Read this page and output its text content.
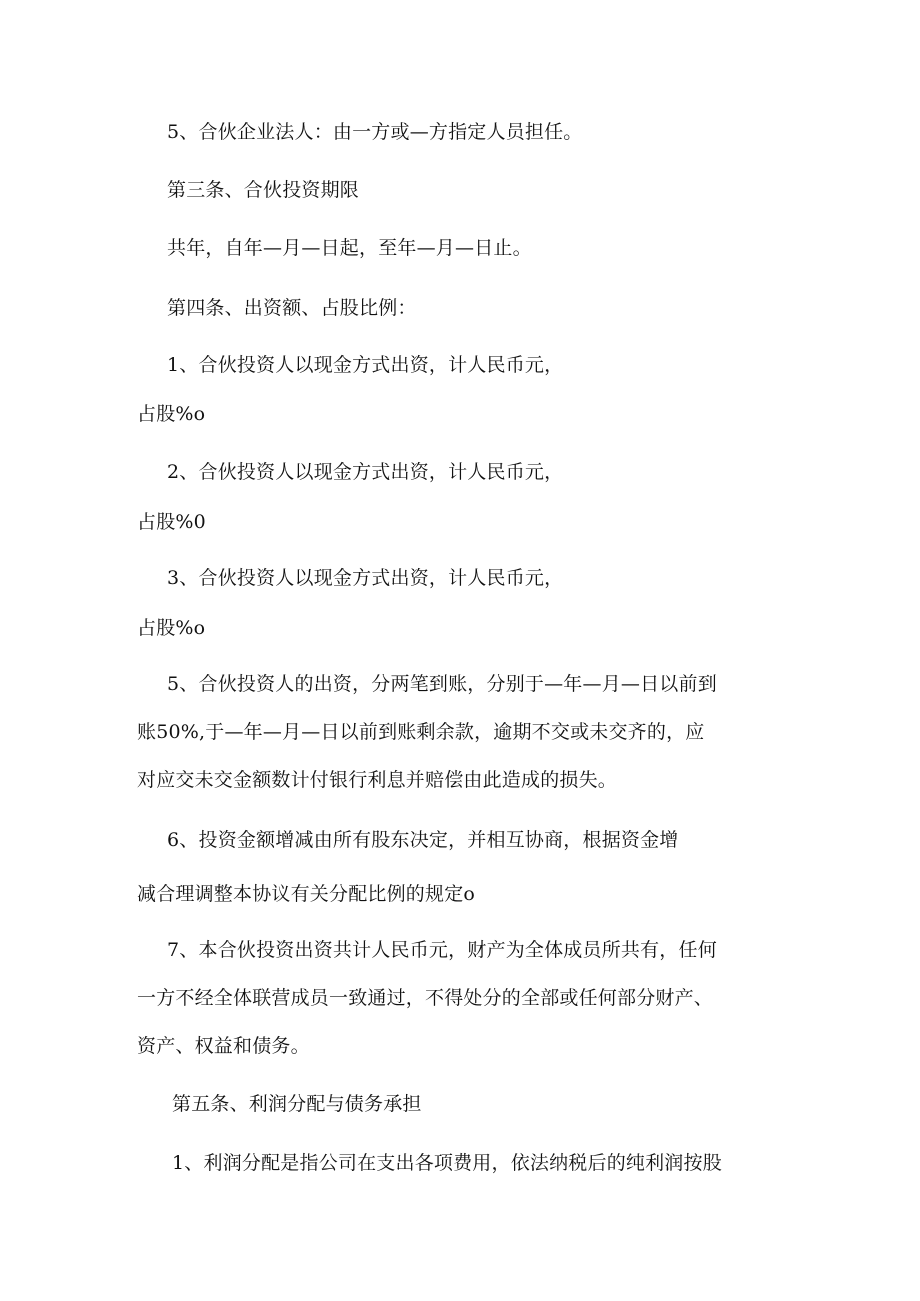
5、合伙企业法人：由一方或—方指定人员担任。
第三条、合伙投资期限
共年，自年—月—日起，至年—月—日止。
第四条、出资额、占股比例：
1、合伙投资人以现金方式出资，计人民币元，
占股%o
2、合伙投资人以现金方式出资，计人民币元，
占股%0
3、合伙投资人以现金方式出资，计人民币元，
占股%o
5、合伙投资人的出资，分两笔到账，分别于—年—月—日以前到
账50%,于—年—月—日以前到账剩余款，逾期不交或未交齐的，应
对应交未交金额数计付银行利息并赔偿由此造成的损失。
6、投资金额增减由所有股东决定，并相互协商，根据资金增
减合理调整本协议有关分配比例的规定o
7、本合伙投资出资共计人民币元，财产为全体成员所共有，任何
一方不经全体联营成员一致通过，不得处分的全部或任何部分财产、
资产、权益和债务。
第五条、利润分配与债务承担
1、利润分配是指公司在支出各项费用，依法纳税后的纯利润按股
